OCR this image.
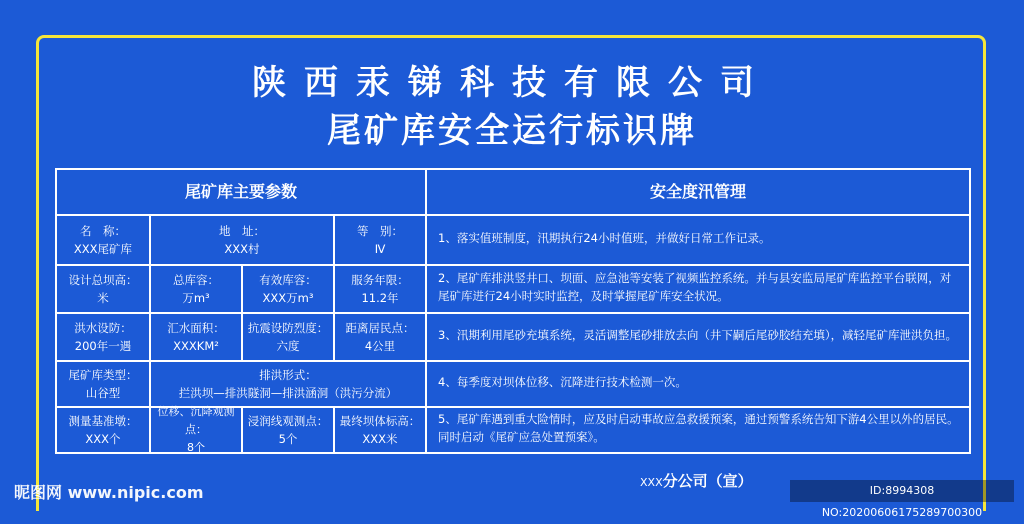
陕西汞锑科技有限公司
尾矿库安全运行标识牌
尾矿库主要参数	安全度汛管理
名　称：
XXX尾矿库
地　址：
XXX村
等　别：
Ⅳ
设计总坝高：
米
总库容：
万m³
有效库容：
XXX万m³
服务年限：
11.2年
洪水设防：
200年一遇
汇水面积：
XXXKM²
抗震设防烈度：
六度
距离居民点：
4公里
尾矿库类型：
山谷型
排洪形式：
拦洪坝—排洪隧洞—排洪涵洞（洪污分流）
测量基准墩：
XXX个
位移、沉降观测点：
8个
浸润线观测点：
5个
最终坝体标高：
XXX米
1、落实值班制度，汛期执行24小时值班，并做好日常工作记录。
2、尾矿库排洪竖井口、坝面、应急池等安装了视频监控系统。并与县安监局尾矿库监控平台联网，对尾矿库进行24小时实时监控，及时掌握尾矿库安全状况。
3、汛期利用尾砂充填系统，灵活调整尾砂排放去向（井下嗣后尾砂胶结充填），减轻尾矿库泄洪负担。
4、每季度对坝体位移、沉降进行技术检测一次。
5、尾矿库遇到重大险情时，应及时启动事故应急救援预案，通过预警系统告知下游4公里以外的居民。同时启动《尾矿应急处置预案》。
XXX分公司（宣）
昵图网 www.nipic.com	ID:8994308 NO:20200606175289700300
